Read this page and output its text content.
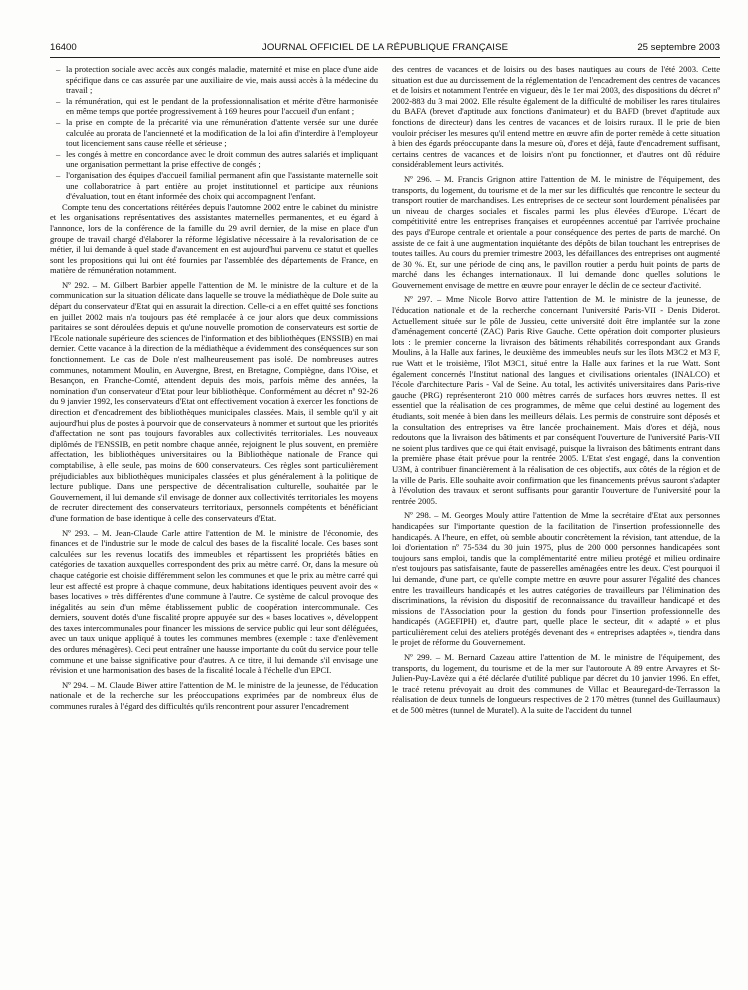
16400	JOURNAL OFFICIEL DE LA RÉPUBLIQUE FRANÇAISE	25 septembre 2003
– la protection sociale avec accès aux congés maladie, maternité et mise en place d'une aide spécifique dans ce cas assurée par une auxiliaire de vie, mais aussi accès à la médecine du travail ;
– la rémunération, qui est le pendant de la professionnalisation et mérite d'être harmonisée en même temps que portée progressivement à 169 heures pour l'accueil d'un enfant ;
– la prise en compte de la précarité via une rémunération d'attente versée sur une durée calculée au prorata de l'ancienneté et la modification de la loi afin d'interdire à l'employeur tout licenciement sans cause réelle et sérieuse ;
– les congés à mettre en concordance avec le droit commun des autres salariés et impliquant une organisation permettant la prise effective de congés ;
– l'organisation des équipes d'accueil familial permanent afin que l'assistante maternelle soit une collaboratrice à part entière au projet institutionnel et participe aux réunions d'évaluation, tout en étant informée des choix qui accompagnent l'enfant.

Compte tenu des concertations réitérées depuis l'automne 2002 entre le cabinet du ministre et les organisations représentatives des assistantes maternelles permanentes, et eu égard à l'annonce, lors de la conférence de la famille du 29 avril dernier, de la mise en place d'un groupe de travail chargé d'élaborer la réforme législative nécessaire à la revalorisation de ce métier, il lui demande à quel stade d'avancement en est aujourd'hui parvenu ce statut et quelles sont les propositions qui lui ont été fournies par l'assemblée des départements de France, en matière de rémunération notamment.

Nº 292. – M. Gilbert Barbier appelle l'attention de M. le ministre de la culture et de la communication sur la situation délicate dans laquelle se trouve la médiathèque de Dole suite au départ du conservateur d'Etat qui en assurait la direction. Celle-ci a en effet quitté ses fonctions en juillet 2002 mais n'a toujours pas été remplacée à ce jour alors que deux commissions paritaires se sont déroulées depuis et qu'une nouvelle promotion de conservateurs est sortie de l'Ecole nationale supérieure des sciences de l'information et des bibliothèques (ENSSIB) en mai dernier. Cette vacance à la direction de la médiathèque a évidemment des conséquences sur son fonctionnement. Le cas de Dole n'est malheureusement pas isolé. De nombreuses autres communes, notamment Moulin, en Auvergne, Brest, en Bretagne, Compiègne, dans l'Oise, et Besançon, en Franche-Comté, attendent depuis des mois, parfois même des années, la nomination d'un conservateur d'Etat pour leur bibliothèque. Conformément au décret nº 92-26 du 9 janvier 1992, les conservateurs d'Etat ont effectivement vocation à exercer les fonctions de direction et d'encadrement des bibliothèques municipales classées. Mais, il semble qu'il y ait aujourd'hui plus de postes à pourvoir que de conservateurs à nommer et surtout que les priorités d'affectation ne sont pas toujours favorables aux collectivités territoriales. Les nouveaux diplômés de l'ENSSIB, en petit nombre chaque année, rejoignent le plus souvent, en première affectation, les bibliothèques universitaires ou la Bibliothèque nationale de France qui comptabilise, à elle seule, pas moins de 600 conservateurs. Ces règles sont particulièrement préjudiciables aux bibliothèques municipales classées et plus généralement à la politique de lecture publique. Dans une perspective de décentralisation culturelle, souhaitée par le Gouvernement, il lui demande s'il envisage de donner aux collectivités territoriales les moyens de recruter directement des conservateurs territoriaux, personnels compétents et bénéficiant d'une formation de base identique à celle des conservateurs d'Etat.

Nº 293. – M. Jean-Claude Carle attire l'attention de M. le ministre de l'économie, des finances et de l'industrie sur le mode de calcul des bases de la fiscalité locale. Ces bases sont calculées sur les revenus locatifs des immeubles et répartissent les propriétés bâties en catégories de taxation auxquelles correspondent des prix au mètre carré. Or, dans la mesure où chaque catégorie est choisie différemment selon les communes et que le prix au mètre carré qui leur est affecté est propre à chaque commune, deux habitations identiques peuvent avoir des « bases locatives » très différentes d'une commune à l'autre. Ce système de calcul provoque des inégalités au sein d'un même établissement public de coopération intercommunale. Ces derniers, souvent dotés d'une fiscalité propre appuyée sur des « bases locatives », développent des taxes intercommunales pour financer les missions de service public qui leur sont déléguées, avec un taux unique appliqué à toutes les communes membres (exemple : taxe d'enlèvement des ordures ménagères). Ceci peut entraîner une hausse importante du coût du service pour telle commune et une baisse significative pour d'autres. A ce titre, il lui demande s'il envisage une révision et une harmonisation des bases de la fiscalité locale à l'échelle d'un EPCI.

Nº 294. – M. Claude Biwer attire l'attention de M. le ministre de la jeunesse, de l'éducation nationale et de la recherche sur les préoccupations exprimées par de nombreux élus de communes rurales à l'égard des difficultés qu'ils rencontrent pour assurer l'encadrement

des centres de vacances et de loisirs ou des bases nautiques au cours de l'été 2003. Cette situation est due au durcissement de la réglementation de l'encadrement des centres de vacances et de loisirs et notamment l'entrée en vigueur, dès le 1er mai 2003, des dispositions du décret nº 2002-883 du 3 mai 2002. Elle résulte également de la difficulté de mobiliser les rares titulaires du BAFA (brevet d'aptitude aux fonctions d'animateur) et du BAFD (brevet d'aptitude aux fonctions de directeur) dans les centres de vacances et de loisirs ruraux. Il le prie de bien vouloir préciser les mesures qu'il entend mettre en œuvre afin de porter remède à cette situation à bien des égards préoccupante dans la mesure où, d'ores et déjà, faute d'encadrement suffisant, certains centres de vacances et de loisirs n'ont pu fonctionner, et d'autres ont dû réduire considérablement leurs activités.

Nº 296. – M. Francis Grignon attire l'attention de M. le ministre de l'équipement, des transports, du logement, du tourisme et de la mer sur les difficultés que rencontre le secteur du transport routier de marchandises. Les entreprises de ce secteur sont lourdement pénalisées par un niveau de charges sociales et fiscales parmi les plus élevées d'Europe. L'écart de compétitivité entre les entreprises françaises et européennes accentué par l'arrivée prochaine des pays d'Europe centrale et orientale a pour conséquence des pertes de parts de marché. On assiste de ce fait à une augmentation inquiétante des dépôts de bilan touchant les entreprises de toutes tailles. Au cours du premier trimestre 2003, les défaillances des entreprises ont augmenté de 30 %. Et, sur une période de cinq ans, le pavillon routier a perdu huit points de parts de marché dans les échanges internationaux. Il lui demande donc quelles solutions le Gouvernement envisage de mettre en œuvre pour enrayer le déclin de ce secteur d'activité.

Nº 297. – Mme Nicole Borvo attire l'attention de M. le ministre de la jeunesse, de l'éducation nationale et de la recherche concernant l'université Paris-VII - Denis Diderot. Actuellement située sur le pôle de Jussieu, cette université doit être implantée sur la zone d'aménagement concerté (ZAC) Paris Rive Gauche. Cette opération doit comporter plusieurs lots : le premier concerne la livraison des bâtiments réhabilités correspondant aux Grands Moulins, à la Halle aux farines, le deuxième des immeubles neufs sur les îlots M3C2 et M3 F, rue Watt et le troisième, l'îlot M3C1, situé entre la Halle aux farines et la rue Watt. Sont également concernés l'Institut national des langues et civilisations orientales (INALCO) et l'école d'architecture Paris - Val de Seine. Au total, les activités universitaires dans Paris-rive gauche (PRG) représenteront 210 000 mètres carrés de surfaces hors œuvres nettes. Il est essentiel que la réalisation de ces programmes, de même que celui destiné au logement des étudiants, soit menée à bien dans les meilleurs délais. Les permis de construire sont déposés et la consultation des entreprises va être lancée prochainement. Mais d'ores et déjà, nous redoutons que la livraison des bâtiments et par conséquent l'ouverture de l'université Paris-VII ne soient plus tardives que ce qui était envisagé, puisque la livraison des bâtiments entrant dans la première phase était prévue pour la rentrée 2005. L'Etat s'est engagé, dans la convention U3M, à contribuer financièrement à la réalisation de ces objectifs, aux côtés de la région et de la ville de Paris. Elle souhaite avoir confirmation que les financements prévus sauront s'adapter à l'évolution des travaux et seront suffisants pour garantir l'ouverture de l'université pour la rentrée 2005.

Nº 298. – M. Georges Mouly attire l'attention de Mme la secrétaire d'Etat aux personnes handicapées sur l'importante question de la facilitation de l'insertion professionnelle des handicapés. A l'heure, en effet, où semble aboutir concrètement la révision, tant attendue, de la loi d'orientation nº 75-534 du 30 juin 1975, plus de 200 000 personnes handicapées sont toujours sans emploi, tandis que la complémentarité entre milieu protégé et milieu ordinaire n'est toujours pas satisfaisante, faute de passerelles aménagées entre les deux. C'est pourquoi il lui demande, d'une part, ce qu'elle compte mettre en œuvre pour assurer l'égalité des chances entre les travailleurs handicapés et les autres catégories de travailleurs par l'élimination des discriminations, la révision du dispositif de reconnaissance du travailleur handicapé et des missions de l'Association pour la gestion du fonds pour l'insertion professionnelle des handicapés (AGEFIPH) et, d'autre part, quelle place le secteur, dit « adapté » et plus particulièrement celui des ateliers protégés devenant des « entreprises adaptées », tiendra dans le projet de réforme du Gouvernement.

Nº 299. – M. Bernard Cazeau attire l'attention de M. le ministre de l'équipement, des transports, du logement, du tourisme et de la mer sur l'autoroute A 89 entre Arvayres et St-Julien-Puy-Lavèze qui a été déclarée d'utilité publique par décret du 10 janvier 1996. En effet, le tracé retenu prévoyait au droit des communes de Villac et Beauregard-de-Terrasson la réalisation de deux tunnels de longueurs respectives de 2 170 mètres (tunnel des Guillaumaux) et de 500 mètres (tunnel de Muratel). A la suite de l'accident du tunnel
